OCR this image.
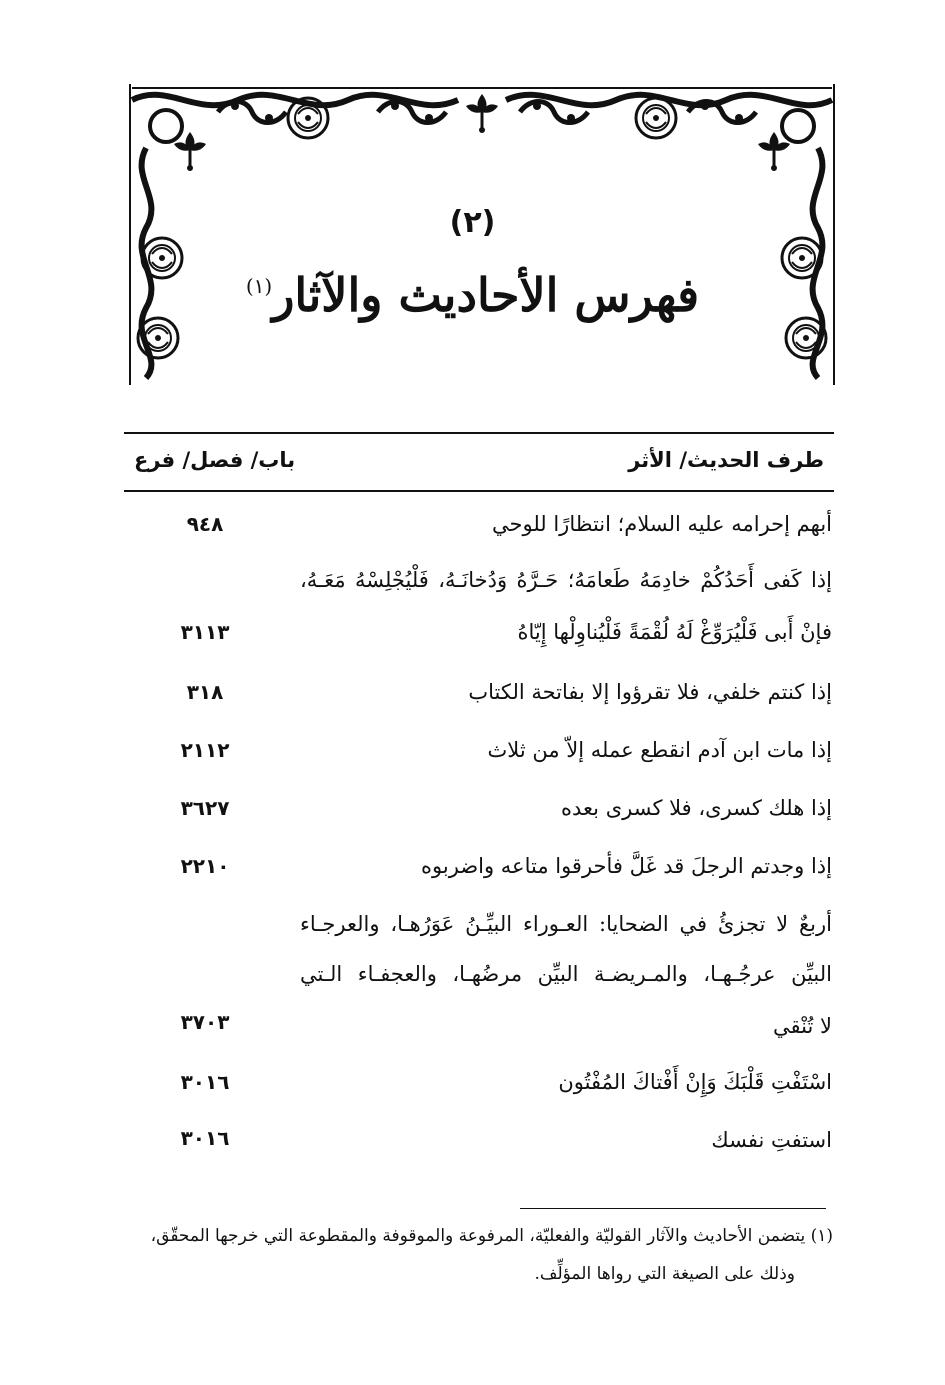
(٢)
فهرس الأحاديث والآثار$^{(١)}$
طرف الحديث/ الأثر
باب/ فصل/ فرع
أبهم إحرامه عليه السلام؛ انتظارًا للوحي
٩٤٨
إذا كَفى أَحَدُكُمْ خادِمَهُ طَعامَهُ؛ حَـرَّهُ وَدُخانَـهُ، فَلْيُجْلِسْهُ مَعَـهُ،
فإنْ أَبى فَلْيُرَوِّغْ لَهُ لُقْمَةً فَلْيُناوِلْها إِيّاهُ
٣١١٣
إذا كنتم خلفي، فلا تقرؤوا إلا بفاتحة الكتاب
٣١٨
إذا مات ابن آدم انقطع عمله إلاّ من ثلاث
٢١١٢
إذا هلك كسرى، فلا كسرى بعده
٣٦٢٧
إذا وجدتم الرجلَ قد غَلَّ فأحرقوا متاعه واضربوه
٢٢١٠
أربعٌ لا تجزئُ في الضحايا: العـوراء البيِّـنُ عَوَرُهـا، والعرجـاء
البيِّن عرجُـهـا، والمـريضـة البيِّن مرضُهـا، والعجفـاء الـتي
لا تُنْقي
٣٧٠٣
اسْتَفْتِ قَلْبَكَ وَإِنْ أَفْتاكَ المُفْتُون
٣٠١٦
استفتِ نفسك
٣٠١٦
(١) يتضمن الأحاديث والآثار القوليّة والفعليّة، المرفوعة والموقوفة والمقطوعة التي خرجها المحقّق،
وذلك على الصيغة التي رواها المؤلِّف.
